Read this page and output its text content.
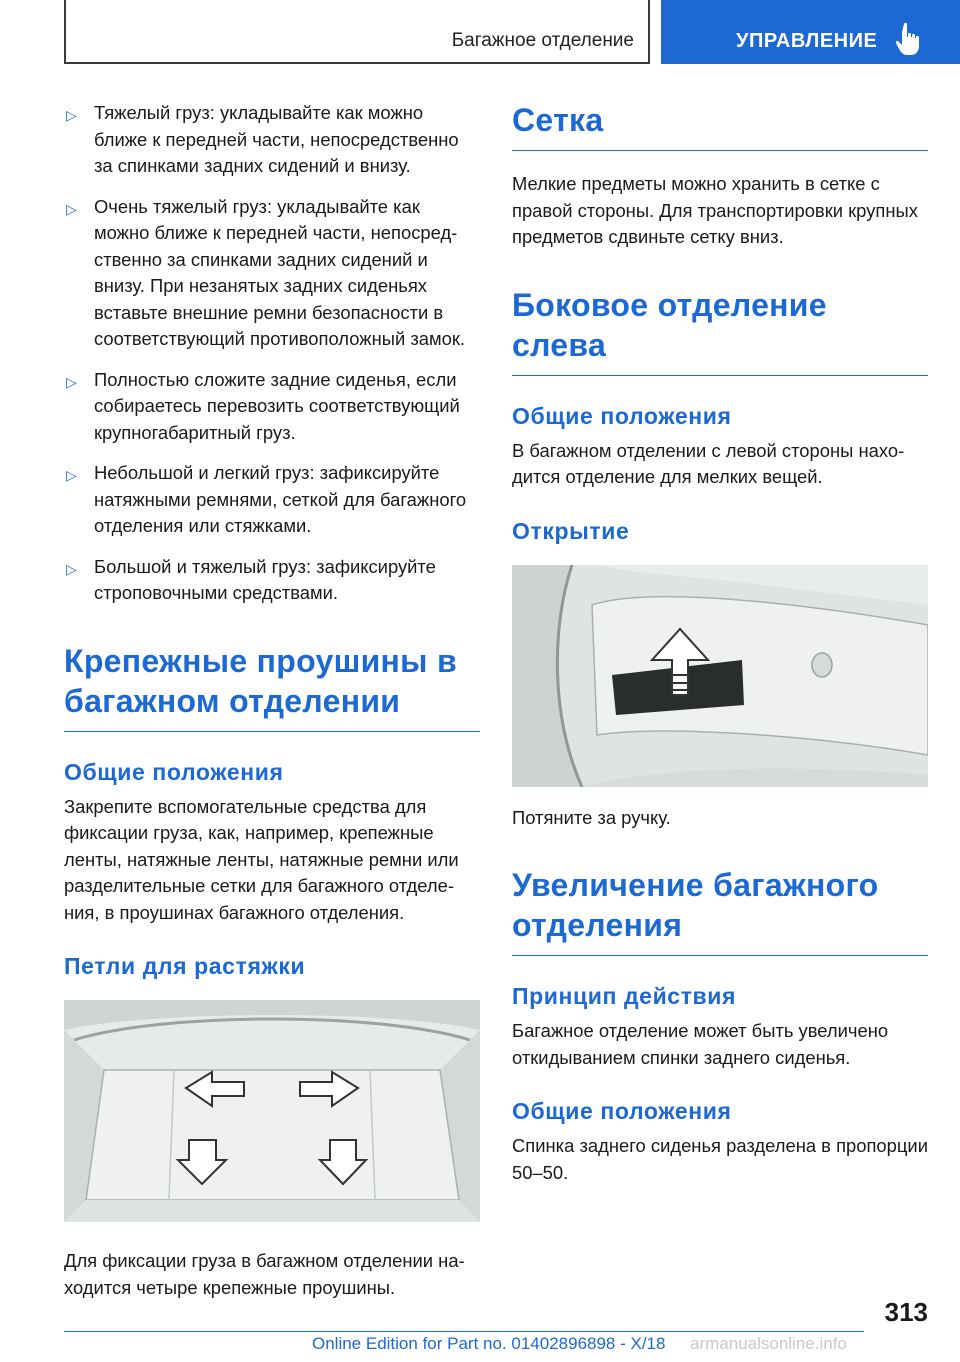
Багажное отделение	УПРАВЛЕНИЕ
▷ Тяжелый груз: укладывайте как можно ближе к передней части, непосредственно за спинками задних сидений и внизу.
▷ Очень тяжелый груз: укладывайте как можно ближе к передней части, непосредственно за спинками задних сидений и внизу. При незанятых задних сиденьях вставьте внешние ремни безопасности в соответствующий противоположный замок.
▷ Полностью сложите задние сиденья, если собираетесь перевозить соответствующий крупногабаритный груз.
▷ Небольшой и легкий груз: зафиксируйте натяжными ремнями, сеткой для багажного отделения или стяжками.
▷ Большой и тяжелый груз: зафиксируйте строповочными средствами.
Крепежные проушины в багажном отделении
Общие положения

Закрепите вспомогательные средства для фиксации груза, как, например, крепежные ленты, натяжные ленты, натяжные ремни или разделительные сетки для багажного отделения, в проушинах багажного отделения.

Петли для растяжки

Для фиксации груза в багажном отделении находится четыре крепежные проушины.

Сетка

Мелкие предметы можно хранить в сетке с правой стороны. Для транспортировки крупных предметов сдвиньте сетку вниз.

Боковое отделение слева
Общие положения

В багажном отделении с левой стороны находится отделение для мелких вещей.

Открытие

Потяните за ручку.

Увеличение багажного отделения
Принцип действия

Багажное отделение может быть увеличено откидыванием спинки заднего сиденья.

Общие положения

Спинка заднего сиденья разделена в пропорции 50–50.

313
Online Edition for Part no. 01402896898 - X/18 armanualsonline.info
